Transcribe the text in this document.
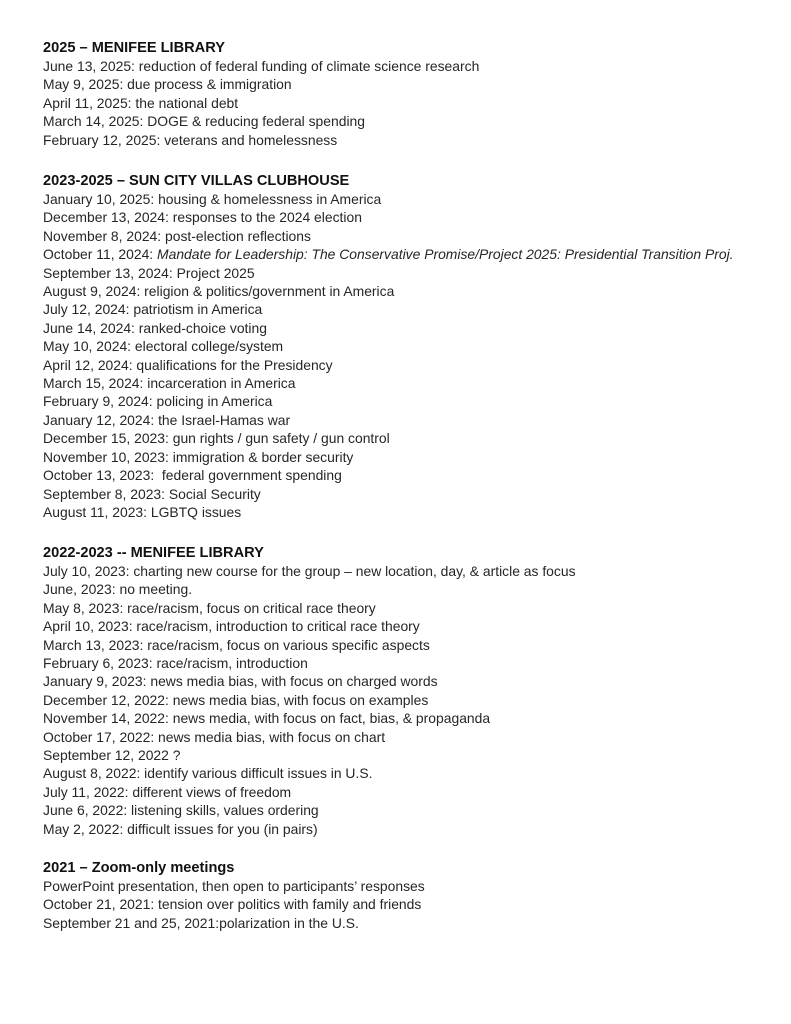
2025 – MENIFEE LIBRARY
June 13, 2025: reduction of federal funding of climate science research
May 9, 2025: due process & immigration
April 11, 2025: the national debt
March 14, 2025: DOGE & reducing federal spending
February 12, 2025: veterans and homelessness
2023-2025 – SUN CITY VILLAS CLUBHOUSE
January 10, 2025: housing & homelessness in America
December 13, 2024: responses to the 2024 election
November 8, 2024: post-election reflections
October 11, 2024: Mandate for Leadership: The Conservative Promise/Project 2025: Presidential Transition Proj.
September 13, 2024: Project 2025
August 9, 2024: religion & politics/government in America
July 12, 2024: patriotism in America
June 14, 2024: ranked-choice voting
May 10, 2024: electoral college/system
April 12, 2024: qualifications for the Presidency
March 15, 2024: incarceration in America
February 9, 2024: policing in America
January 12, 2024: the Israel-Hamas war
December 15, 2023: gun rights / gun safety / gun control
November 10, 2023: immigration & border security
October 13, 2023:  federal government spending
September 8, 2023: Social Security
August 11, 2023: LGBTQ issues
2022-2023 -- MENIFEE LIBRARY
July 10, 2023: charting new course for the group – new location, day, & article as focus
June, 2023: no meeting.
May 8, 2023: race/racism, focus on critical race theory
April 10, 2023: race/racism, introduction to critical race theory
March 13, 2023: race/racism, focus on various specific aspects
February 6, 2023: race/racism, introduction
January 9, 2023: news media bias, with focus on charged words
December 12, 2022: news media bias, with focus on examples
November 14, 2022: news media, with focus on fact, bias, & propaganda
October 17, 2022: news media bias, with focus on chart
September 12, 2022 ?
August 8, 2022: identify various difficult issues in U.S.
July 11, 2022: different views of freedom
June 6, 2022: listening skills, values ordering
May 2, 2022: difficult issues for you (in pairs)
2021 – Zoom-only meetings
PowerPoint presentation, then open to participants’ responses
October 21, 2021: tension over politics with family and friends
September 21 and 25, 2021:polarization in the U.S.
